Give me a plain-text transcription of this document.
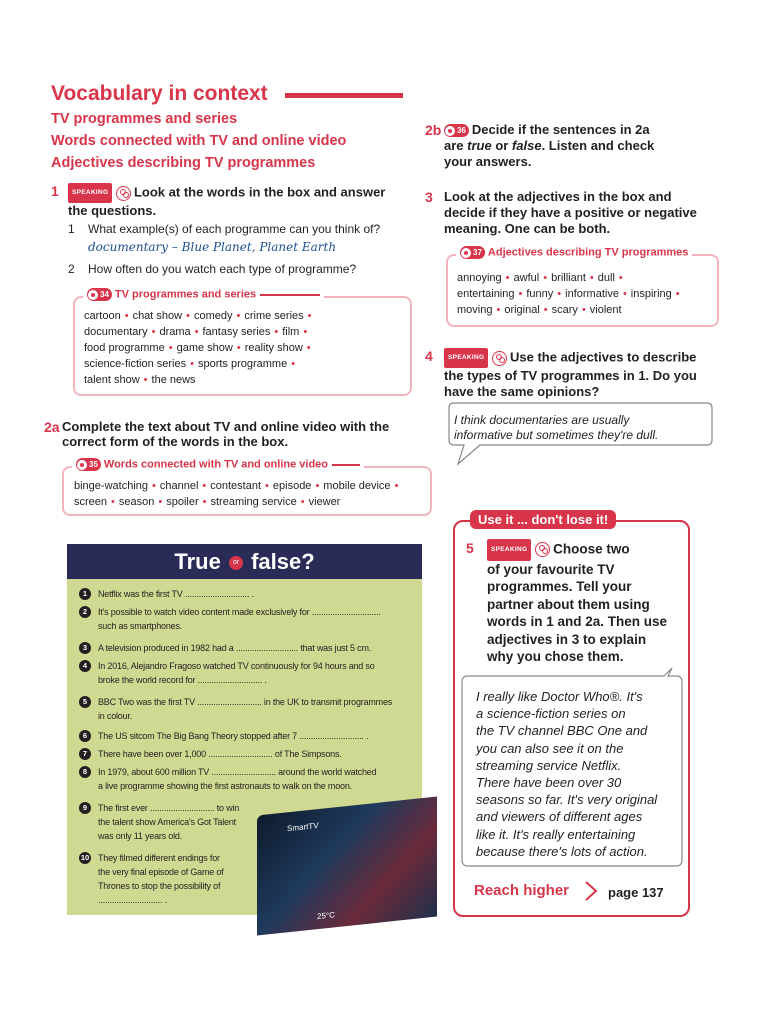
Vocabulary in context
TV programmes and series
Words connected with TV and online video
Adjectives describing TV programmes
1	SPEAKING Look at the words in the box and answer
the questions.
1 What example(s) of each programme can you think of?
documentary – Blue Planet, Planet Earth
2 How often do you watch each type of programme?
34 TV programmes and series
cartoon • chat show • comedy • crime series •
documentary • drama • fantasy series • film •
food programme • game show • reality show •
science-fiction series • sports programme •
talent show • the news
2a Complete the text about TV and online video with the
correct form of the words in the box.
35 Words connected with TV and online video
binge-watching • channel • contestant • episode • mobile device •
screen • season • spoiler • streaming service • viewer
True or false?
SmartTV
25°C
1	Netflix was the first TV ............................ .
2	It's possible to watch video content made exclusively for ..............................
such as smartphones.
3	A television produced in 1982 had a ........................... that was just 5 cm.
4	In 2016, Alejandro Fragoso watched TV continuously for 94 hours and so
broke the world record for ............................ .
5	BBC Two was the first TV ............................ in the UK to transmit programmes
in colour.
6	The US sitcom The Big Bang Theory stopped after 7 ............................ .
7	There have been over 1,000 ............................ of The Simpsons.
8	In 1979, about 600 million TV ............................ around the world watched
a live programme showing the first astronauts to walk on the moon.
9	The first ever ............................ to win
the talent show America's Got Talent
was only 11 years old.
10 They filmed different endings for
the very final episode of Game of
Thrones to stop the possibility of
............................ .
2b 36 Decide if the sentences in 2a
are true or false. Listen and check
your answers.
3 Look at the adjectives in the box and
decide if they have a positive or negative
meaning. One can be both.
37 Adjectives describing TV programmes
annoying • awful • brilliant • dull •
entertaining • funny • informative • inspiring •
moving • original • scary • violent
4	SPEAKING Use the adjectives to describe
the types of TV programmes in 1. Do you
have the same opinions?
I think documentaries are usually
informative but sometimes they're dull.
Use it ... don't lose it!
5	SPEAKING Choose two
of your favourite TV
programmes. Tell your
partner about them using
words in 1 and 2a. Then use
adjectives in 3 to explain
why you chose them.
I really like Doctor Who®. It's
a science-fiction series on
the TV channel BBC One and
you can also see it on the
streaming service Netflix.
There have been over 30
seasons so far. It's very original
and viewers of different ages
like it. It's really entertaining
because there's lots of action.
Reach higher	page 137
